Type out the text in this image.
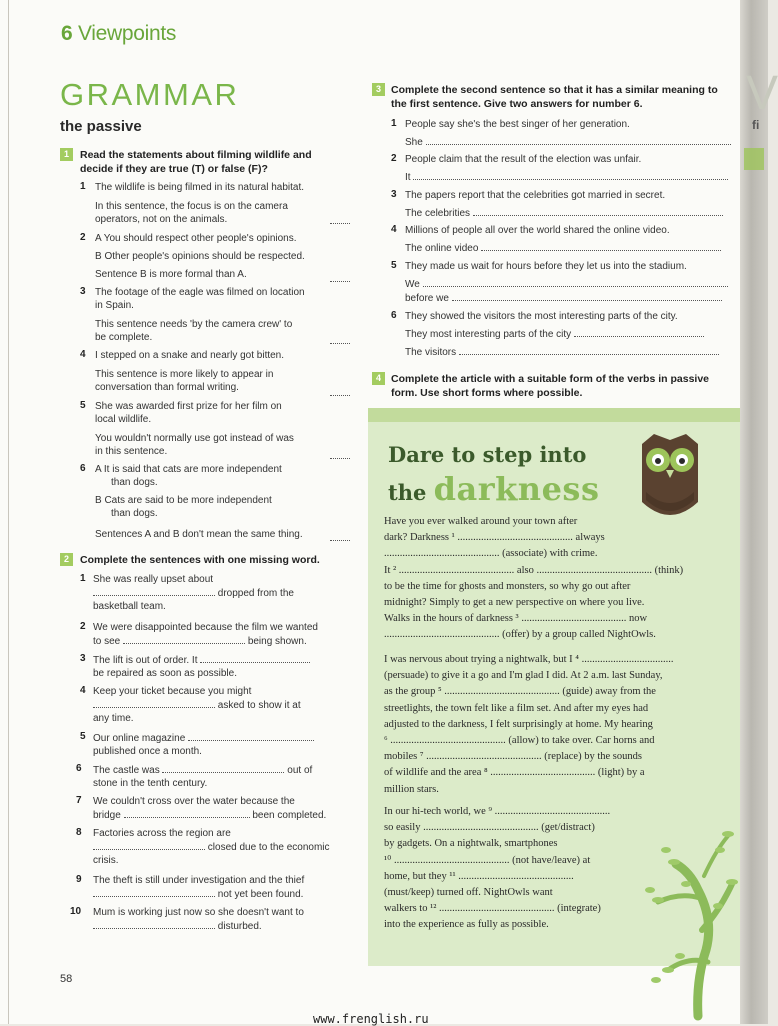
6 Viewpoints
GRAMMAR
the passive
1	Read the statements about filming wildlife and
decide if they are true (T) or false (F)?
1 The wildlife is being filmed in its natural habitat.
In this sentence, the focus is on the camera
operators, not on the animals.
2 A You should respect other people's opinions.
B Other people's opinions should be respected.
Sentence B is more formal than A.
3 The footage of the eagle was filmed on location
in Spain.
This sentence needs 'by the camera crew' to
be complete.
4 I stepped on a snake and nearly got bitten.
This sentence is more likely to appear in
conversation than formal writing.
5 She was awarded first prize for her film on
local wildlife.
You wouldn't normally use got instead of was
in this sentence.
6 A It is said that cats are more independent
than dogs.
B Cats are said to be more independent
than dogs.
Sentences A and B don't mean the same thing.
2	Complete the sentences with one missing word.
1 She was really upset about
dropped from the
basketball team.
2 We were disappointed because the film we wanted
to see	being shown.
3 The lift is out of order. It
be repaired as soon as possible.
4 Keep your ticket because you might
asked to show it at
any time.
5 Our online magazine
published once a month.
6 The castle was	out of
stone in the tenth century.
7 We couldn't cross over the water because the
bridge	been completed.
8 Factories across the region are
closed due to the economic
crisis.
9 The theft is still under investigation and the thief
not yet been found.
10 Mum is working just now so she doesn't want to
disturbed.
3 Complete the second sentence so that it has a similar meaning to
the first sentence. Give two answers for number 6.
1 People say she's the best singer of her generation.
She
2 People claim that the result of the election was unfair.
It
3 The papers report that the celebrities got married in secret.
The celebrities
4 Millions of people all over the world shared the online video.
The online video
5 They made us wait for hours before they let us into the stadium.
We
before we
6 They showed the visitors the most interesting parts of the city.
They most interesting parts of the city
The visitors
4 Complete the article with a suitable form of the verbs in passive
form. Use short forms where possible.
Dare to step into
the darkness
Have you ever walked around your town after
dark? Darkness ¹ ............................................ always
............................................ (associate) with crime.
It ² ............................................ also ............................................ (think)
to be the time for ghosts and monsters, so why go out after
midnight? Simply to get a new perspective on where you live.
Walks in the hours of darkness ³ ........................................ now
............................................ (offer) by a group called NightOwls.
I was nervous about trying a nightwalk, but I ⁴ ...................................
(persuade) to give it a go and I'm glad I did. At 2 a.m. last Sunday,
as the group ⁵ ............................................ (guide) away from the
streetlights, the town felt like a film set. And after my eyes had
adjusted to the darkness, I felt surprisingly at home. My hearing
⁶ ............................................ (allow) to take over. Car horns and
mobiles ⁷ ............................................ (replace) by the sounds
of wildlife and the area ⁸ ........................................ (light) by a
million stars.
In our hi-tech world, we ⁹ ............................................
so easily ............................................ (get/distract)
by gadgets. On a nightwalk, smartphones
¹⁰ ............................................ (not have/leave) at
home, but they ¹¹ ............................................
(must/keep) turned off. NightOwls want
walkers to ¹² ............................................ (integrate)
into the experience as fully as possible.
58
V
fi
www.frenglish.ru
